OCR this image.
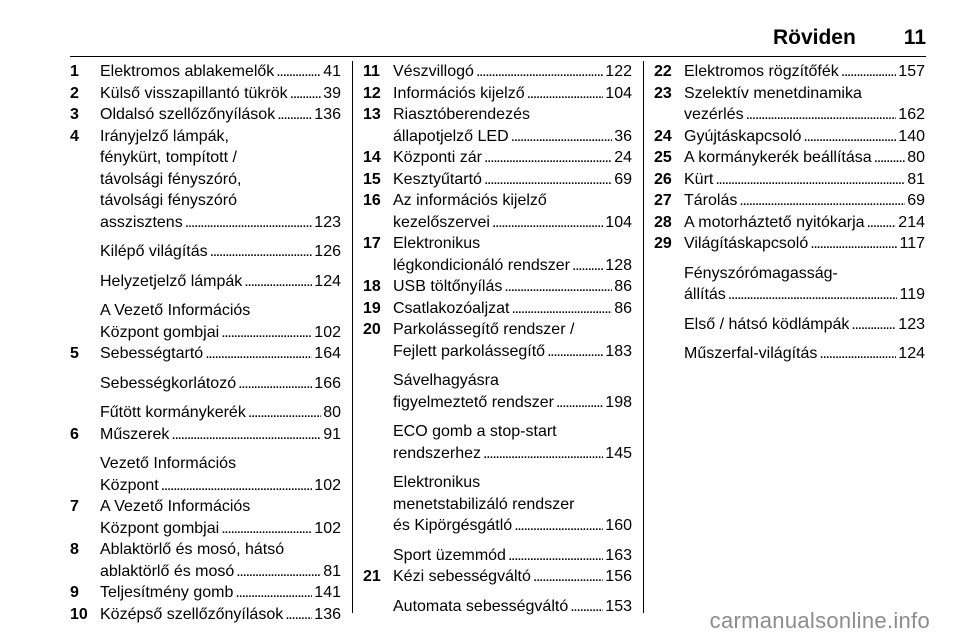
Röviden 11
1	Elektromos ablakemelők . . .	41
2	Külső visszapillantó tükrök . . . 39
3	Oldalsó szellőzőnyílások . . . 136
4	Irányjelző lámpák,
fénykürt, tompított /
távolsági fényszóró,
távolsági fényszóró
asszisztens . . .	123
Kilépő világítás . . .	126
Helyzetjelző lámpák . . .	124
A Vezető Információs
Központ gombjai . . .	102
5	Sebességtartó . . .	164
Sebességkorlátozó . . .	166
Fűtött kormánykerék . . .	80
6	Műszerek . . .	91
Vezető Információs
Központ . . .	102
7	A Vezető Információs
Központ gombjai . . .	102
8	Ablaktörlő és mosó, hátsó
ablaktörlő és mosó . . .	81
9	Teljesítmény gomb . . .	141
10 Középső szellőzőnyílások . . . 136
11 Vészvillogó . . .	122
12 Információs kijelző . . .	104
13 Riasztóberendezés
állapotjelző LED . . .	36
14 Központi zár . . .	24
15 Kesztyűtartó . . .	69
16 Az információs kijelző
kezelőszervei . . .	104
17 Elektronikus
légkondicionáló rendszer . . . 128
18 USB töltőnyílás . . .	86
19 Csatlakozóaljzat . . .	86
20 Parkolássegítő rendszer /
Fejlett parkolássegítő . . .	183
Sávelhagyásra
figyelmeztető rendszer . . .	198
ECO gomb a stop-start
rendszerhez . . .	145
Elektronikus
menetstabilizáló rendszer
és Kipörgésgátló . . .	160
Sport üzemmód . . .	163
21 Kézi sebességváltó . . .	156
Automata sebességváltó . . . 153
22 Elektromos rögzítőfék . . .	157
23 Szelektív menetdinamika
vezérlés . . .	162
24 Gyújtáskapcsoló . . .	140
25 A kormánykerék beállítása . . . 80
26 Kürt . . .	81
27 Tárolás . . .	69
28 A motorháztető nyitókarja . . . 214
29 Világításkapcsoló . . .	117
Fényszórómagasság-
állítás . . .	119
Első / hátsó ködlámpák . . .	123
Műszerfal-világítás . . .	124
carmanualsonline.info
